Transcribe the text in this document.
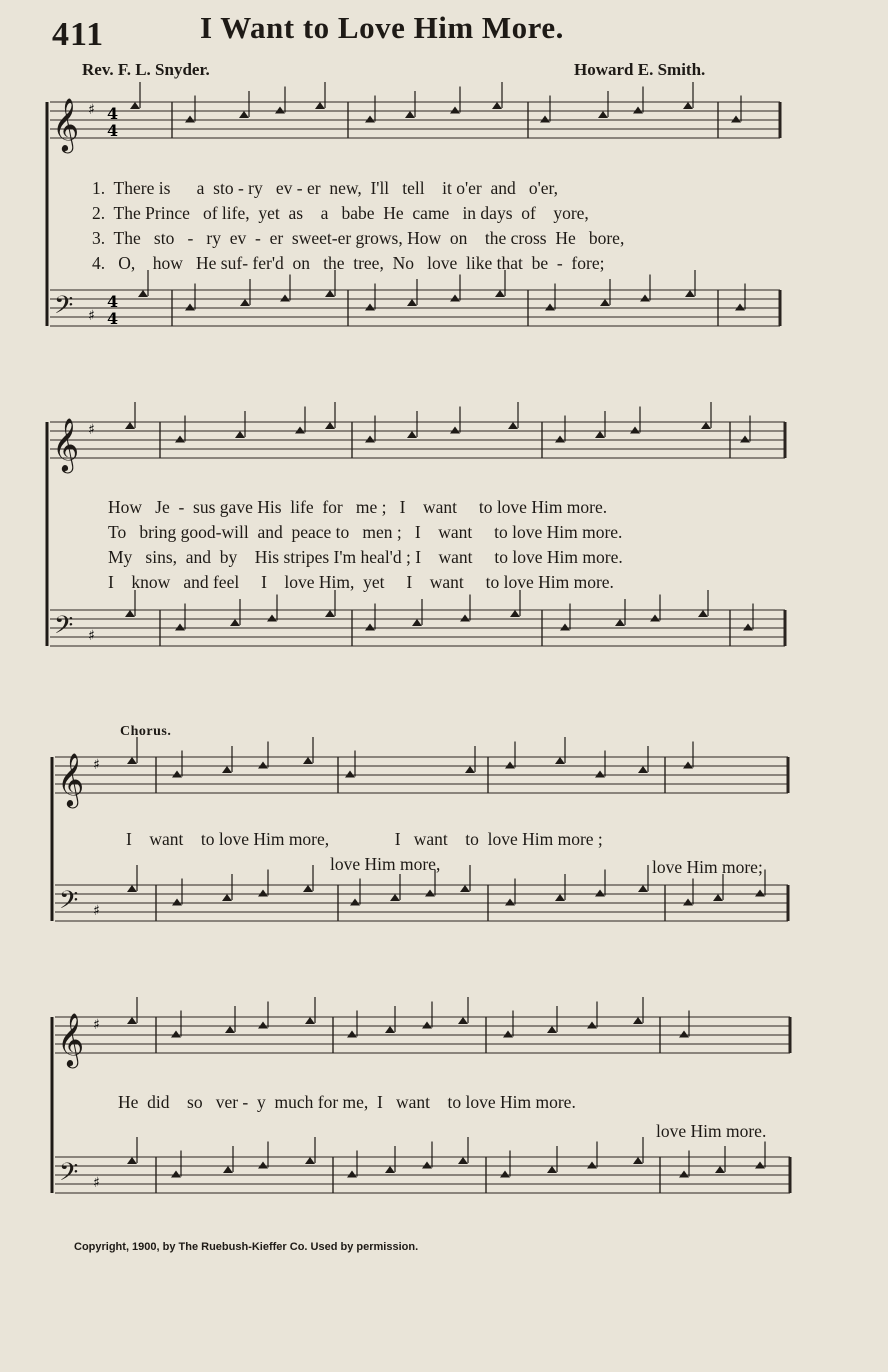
411	I Want to Love Him More.
Rev. F. L. Snyder.	Howard E. Smith.
𝄞
𝄢
♯
♯
4
4
4
4
1.  There is      a  sto - ry   ev - er  new,  I'll   tell    it o'er  and   o'er,
2.  The Prince   of life,  yet  as    a   babe  He  came   in days  of    yore,
3.  The   sto   -   ry  ev  -  er  sweet-er grows, How  on    the cross  He   bore,
4.   O,    how   He suf- fer'd  on   the  tree,  No   love  like that  be  -  fore;
𝄞
𝄢
♯
♯
How   Je  -  sus gave His  life  for   me ;   I    want     to love Him more.
To   bring good-will  and  peace to   men ;   I    want     to love Him more.
My   sins,  and  by    His stripes I'm heal'd ; I    want     to love Him more.
I    know   and feel     I    love Him,  yet     I    want     to love Him more.
Chorus.
𝄞
𝄢
♯
♯
I    want    to love Him more,               I   want    to  love Him more ;
love Him more,	love Him more;
𝄞
𝄢
♯
♯
He  did    so   ver -  y  much for me,  I   want    to love Him more.
love Him more.
Copyright, 1900, by The Ruebush-Kieffer Co. Used by permission.
